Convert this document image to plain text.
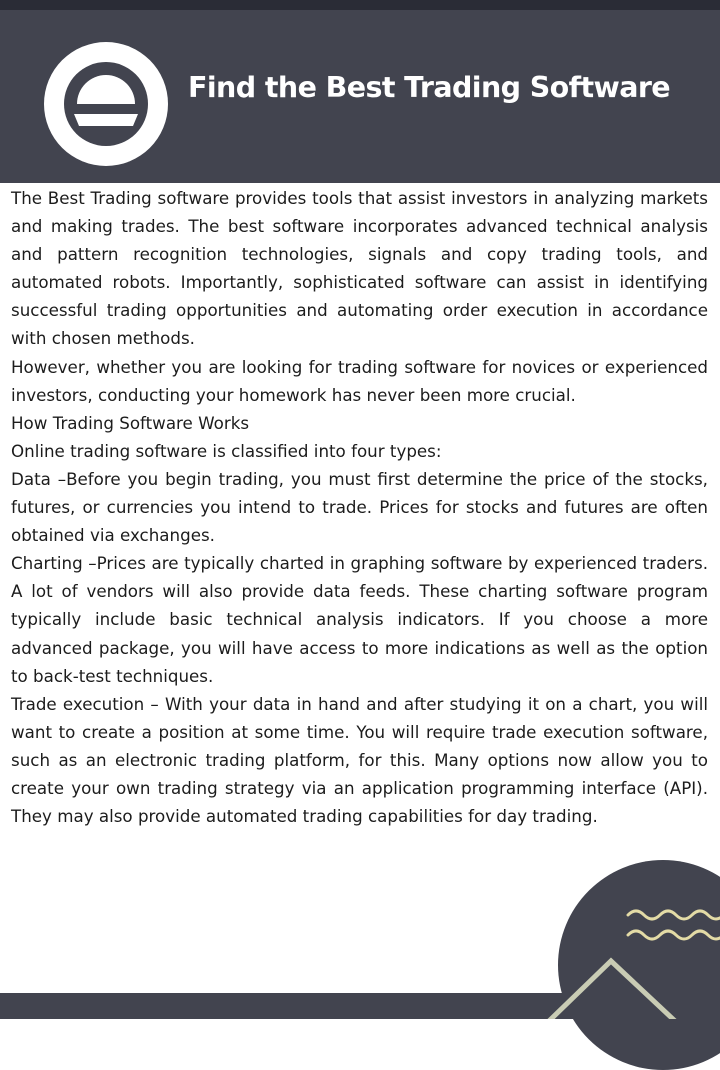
Find the Best Trading Software

The Best Trading software provides tools that assist investors in analyzing markets and making trades. The best software incorporates advanced technical analysis and pattern recognition technologies, signals and copy trading tools, and automated robots. Importantly, sophisticated software can assist in identifying successful trading opportunities and automating order execution in accordance with chosen methods.

However, whether you are looking for trading software for novices or experienced investors, conducting your homework has never been more crucial.

How Trading Software Works

Online trading software is classified into four types:

Data –Before you begin trading, you must first determine the price of the stocks, futures, or currencies you intend to trade. Prices for stocks and futures are often obtained via exchanges.

Charting –Prices are typically charted in graphing software by experienced traders. A lot of vendors will also provide data feeds. These charting software program typically include basic technical analysis indicators. If you choose a more advanced package, you will have access to more indications as well as the option to back-test techniques.

Trade execution – With your data in hand and after studying it on a chart, you will want to create a position at some time. You will require trade execution software, such as an electronic trading platform, for this. Many options now allow you to create your own trading strategy via an application programming interface (API). They may also provide automated trading capabilities for day trading.
